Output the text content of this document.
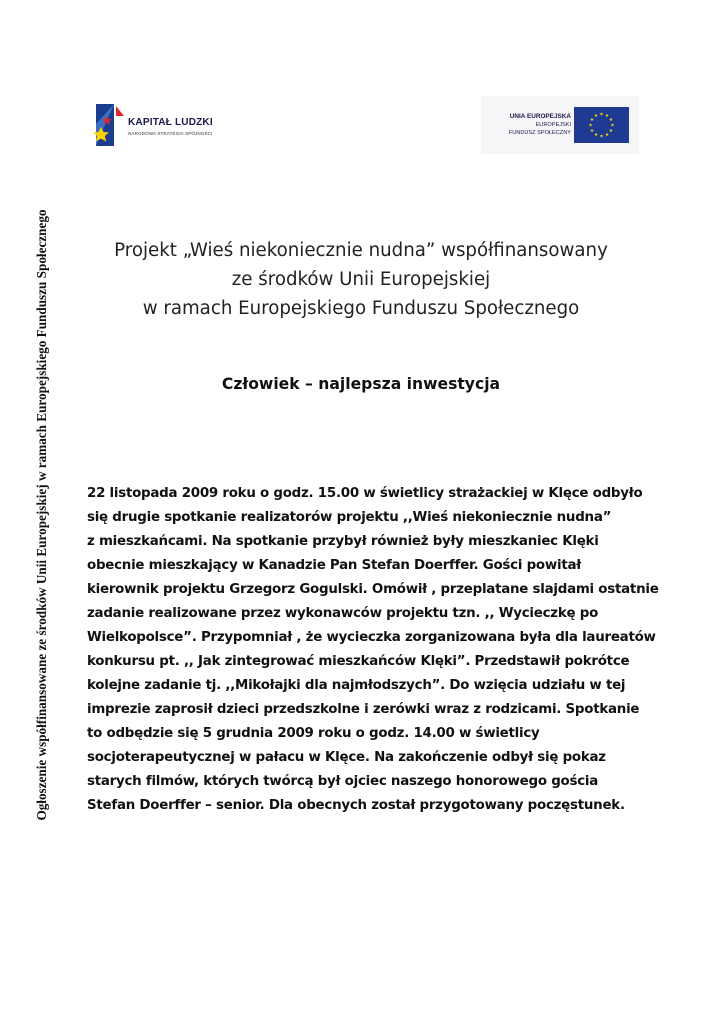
Ogłoszenie współfinansowane ze środków Unii Europejskiej w ramach Europejskiego Funduszu Społecznego
KAPITAŁ LUDZKI
NARODOWA STRATEGIA SPÓJNOŚCI
UNIA EUROPEJSKA
EUROPEJSKI
FUNDUSZ SPOŁECZNY
Projekt „Wieś niekoniecznie nudna” współfinansowany
ze środków Unii Europejskiej
w ramach Europejskiego Funduszu Społecznego
Człowiek – najlepsza inwestycja
22 listopada 2009 roku o godz. 15.00 w świetlicy strażackiej w Klęce odbyło
się drugie spotkanie realizatorów projektu ,,Wieś niekoniecznie nudna”
z mieszkańcami. Na spotkanie przybył również były mieszkaniec Klęki
obecnie mieszkający w Kanadzie Pan Stefan Doerffer. Gości powitał
kierownik projektu Grzegorz Gogulski. Omówił , przeplatane slajdami ostatnie
zadanie realizowane przez wykonawców projektu tzn. ,, Wycieczkę po
Wielkopolsce”. Przypomniał , że wycieczka zorganizowana była dla laureatów
konkursu pt. ,, Jak zintegrować mieszkańców Klęki”. Przedstawił pokrótce
kolejne zadanie tj. ,,Mikołajki dla najmłodszych”. Do wzięcia udziału w tej
imprezie zaprosił dzieci przedszkolne i zerówki wraz z rodzicami. Spotkanie
to odbędzie się 5 grudnia 2009 roku o godz. 14.00 w świetlicy
socjoterapeutycznej w pałacu w Klęce. Na zakończenie odbył się pokaz
starych filmów, których twórcą był ojciec naszego honorowego gościa
Stefan Doerffer – senior. Dla obecnych został przygotowany poczęstunek.
